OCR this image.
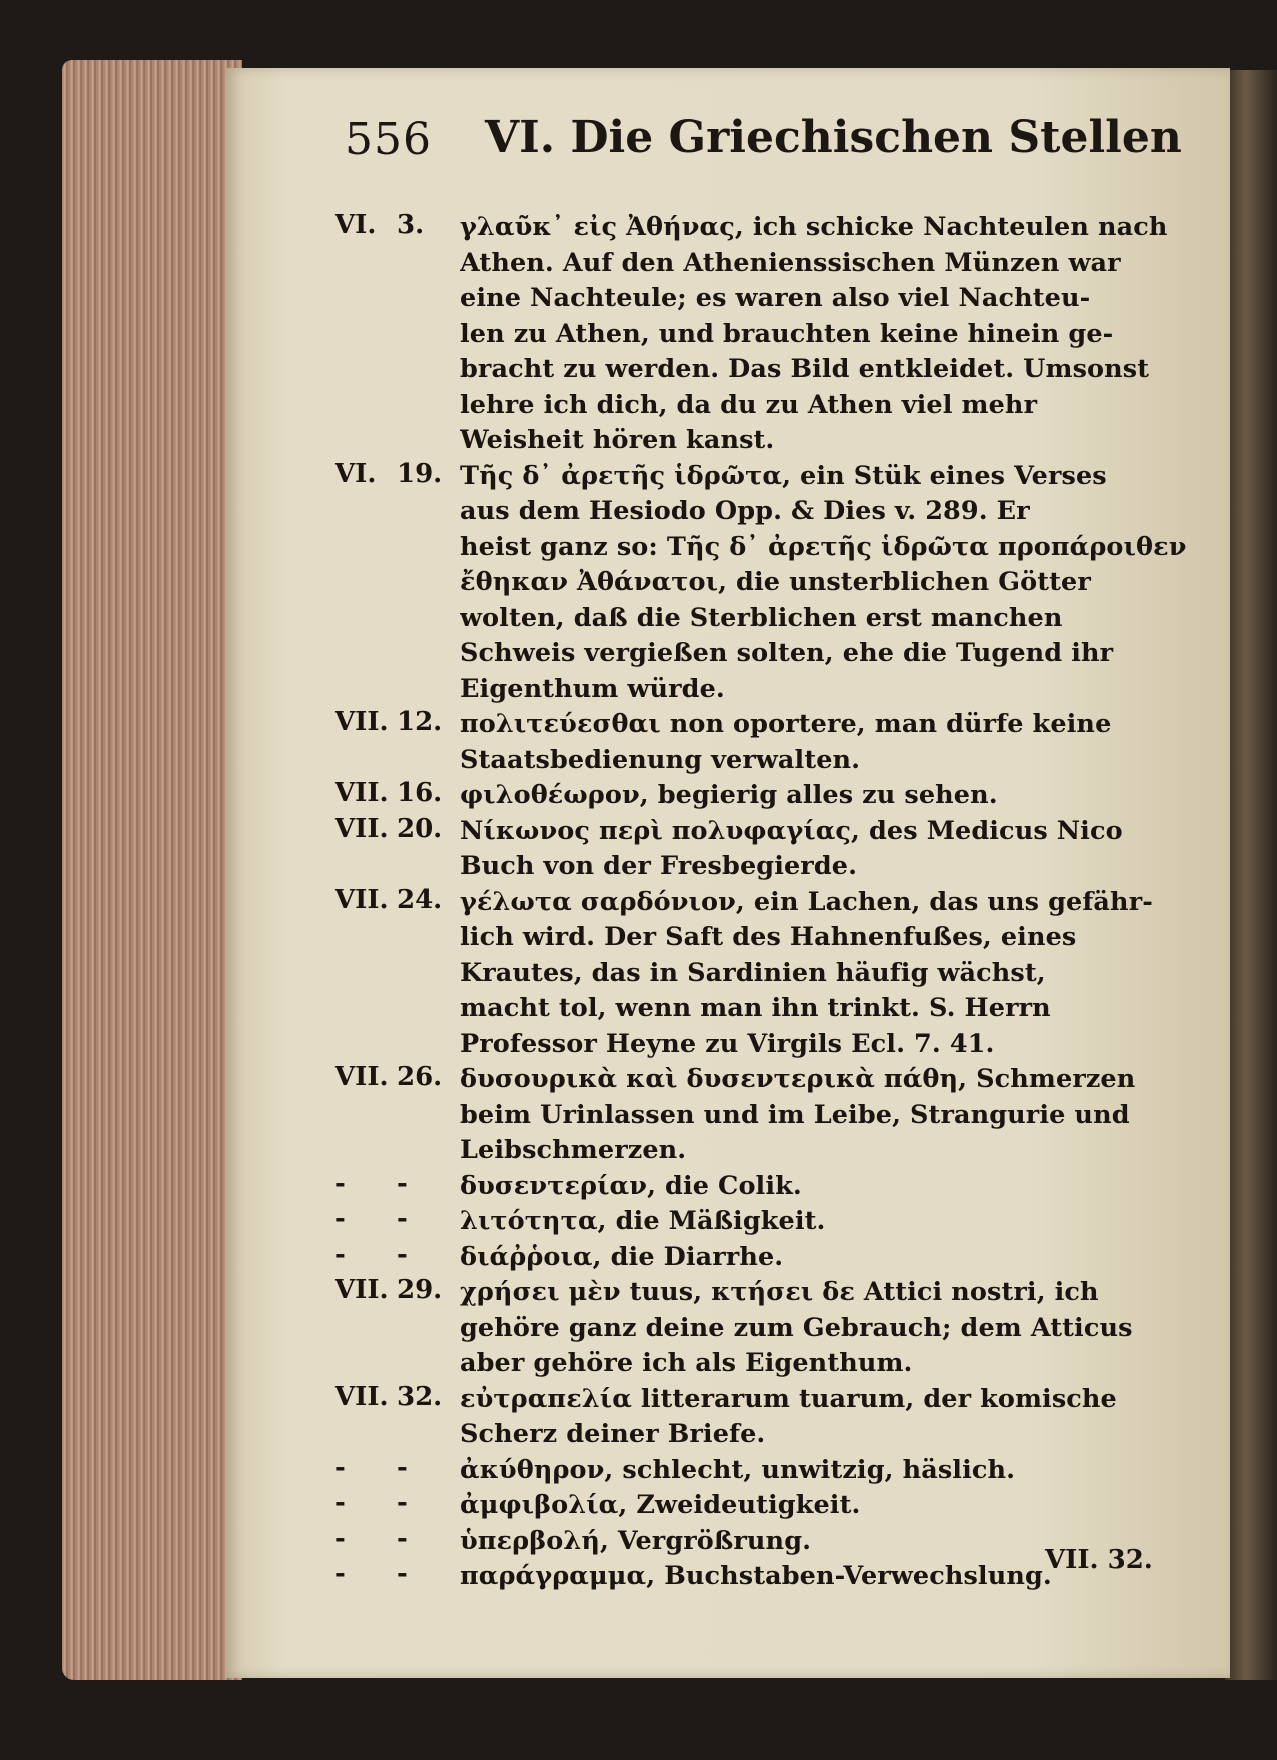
556 VI. Die Griechischen Stellen
VI. 3.	γλαῦκ᾽ εἰς Ἀθήνας, ich schicke Nachteulen nach
Athen. Auf den Athenienssischen Münzen war
eine Nachteule; es waren also viel Nachteu-
len zu Athen, und brauchten keine hinein ge-
bracht zu werden. Das Bild entkleidet. Umsonst
lehre ich dich, da du zu Athen viel mehr
Weisheit hören kanst.
VI. 19. Τῆς δ᾽ ἀρετῆς ἱδρῶτα, ein Stük eines Verses
aus dem Hesiodo Opp. & Dies v. 289. Er
heist ganz so: Τῆς δ᾽ ἀρετῆς ἱδρῶτα προπάροιθεν
ἔθηκαν Ἀθάνατοι, die unsterblichen Götter
wolten, daß die Sterblichen erst manchen
Schweis vergießen solten, ehe die Tugend ihr
Eigenthum würde.
VII. 12. πολιτεύεσθαι non oportere, man dürfe keine
Staatsbedienung verwalten.
VII. 16. φιλοθέωρον, begierig alles zu sehen.
VII. 20. Νίκωνος περὶ πολυφαγίας, des Medicus Nico
Buch von der Fresbegierde.
VII. 24. γέλωτα σαρδόνιον, ein Lachen, das uns gefähr-
lich wird. Der Saft des Hahnenfußes, eines
Krautes, das in Sardinien häufig wächst,
macht tol, wenn man ihn trinkt. S. Herrn
Professor Heyne zu Virgils Ecl. 7. 41.
VII. 26. δυσουρικὰ καὶ δυσεντερικὰ πάθη, Schmerzen
beim Urinlassen und im Leibe, Strangurie und
Leibschmerzen.
- -	δυσεντερίαν, die Colik.
- -	λιτότητα, die Mäßigkeit.
- -	διάῤῥοια, die Diarrhe.
VII. 29. χρήσει μὲν tuus, κτήσει δε Attici nostri, ich
gehöre ganz deine zum Gebrauch; dem Atticus
aber gehöre ich als Eigenthum.
VII. 32. εὐτραπελία litterarum tuarum, der komische
Scherz deiner Briefe.
- -	ἀκύθηρον, schlecht, unwitzig, häslich.
- -	ἀμφιβολία, Zweideutigkeit.
- -	ὑπερβολή, Vergrößrung.
- -	παράγραμμα, Buchstaben-Verwechslung.
VII. 32.
